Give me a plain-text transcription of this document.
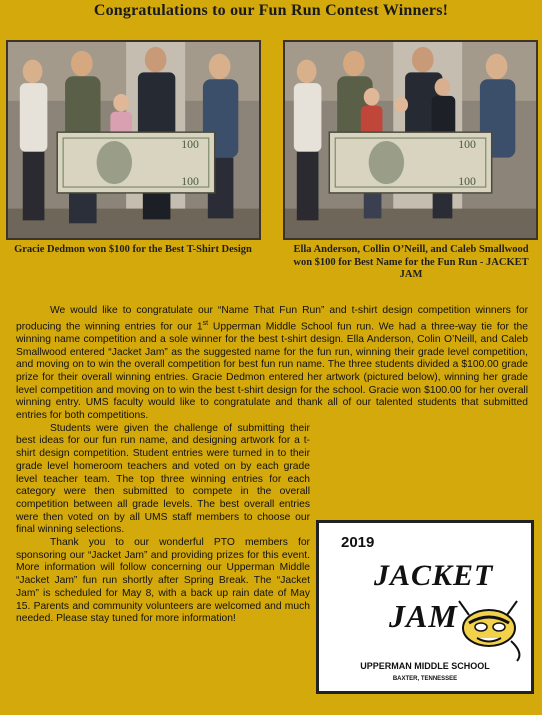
Congratulations to our Fun Run Contest Winners!
100
100
100
100
Gracie Dedmon won $100 for the Best T-Shirt Design	Ella Anderson, Collin O’Neill, and Caleb Smallwood won $100 for Best Name for the Fun Run - JACKET JAM

We would like to congratulate our “Name That Fun Run” and t-shirt design competition winners for producing the winning entries for our 1st Upperman Middle School fun run. We had a three-way tie for the winning name competition and a sole winner for the best t-shirt design. Ella Anderson, Colin O’Neill, and Caleb Smallwood entered “Jacket Jam” as the suggested name for the fun run, winning their grade level competition, and moving on to win the overall competition for best fun run name. The three students divided a $100.00 grade prize for their overall winning entries. Gracie Dedmon entered her artwork (pictured below), winning her grade level competition and moving on to win the best t-shirt design for the school. Gracie won $100.00 for her overall winning entry. UMS faculty would like to congratulate and thank all of our talented students that submitted entries for both competitions.

Students were given the challenge of submitting their best ideas for our fun run name, and designing artwork for a t-shirt design competition. Student entries were turned in to their grade level homeroom teachers and voted on by each grade level teacher team. The top three winning entries for each category were then submitted to compete in the overall competition between all grade levels. The best overall entries were then voted on by all UMS staff members to choose our final winning selections.

Thank you to our wonderful PTO members for sponsoring our “Jacket Jam” and providing prizes for this event. More information will follow concerning our Upperman Middle “Jacket Jam” fun run shortly after Spring Break. The “Jacket Jam” is scheduled for May 8, with a back up rain date of May 15. Parents and community volunteers are welcomed and much needed. Please stay tuned for more information!

2019
JACKET
JAM
UPPERMAN MIDDLE SCHOOL
BAXTER, TENNESSEE
